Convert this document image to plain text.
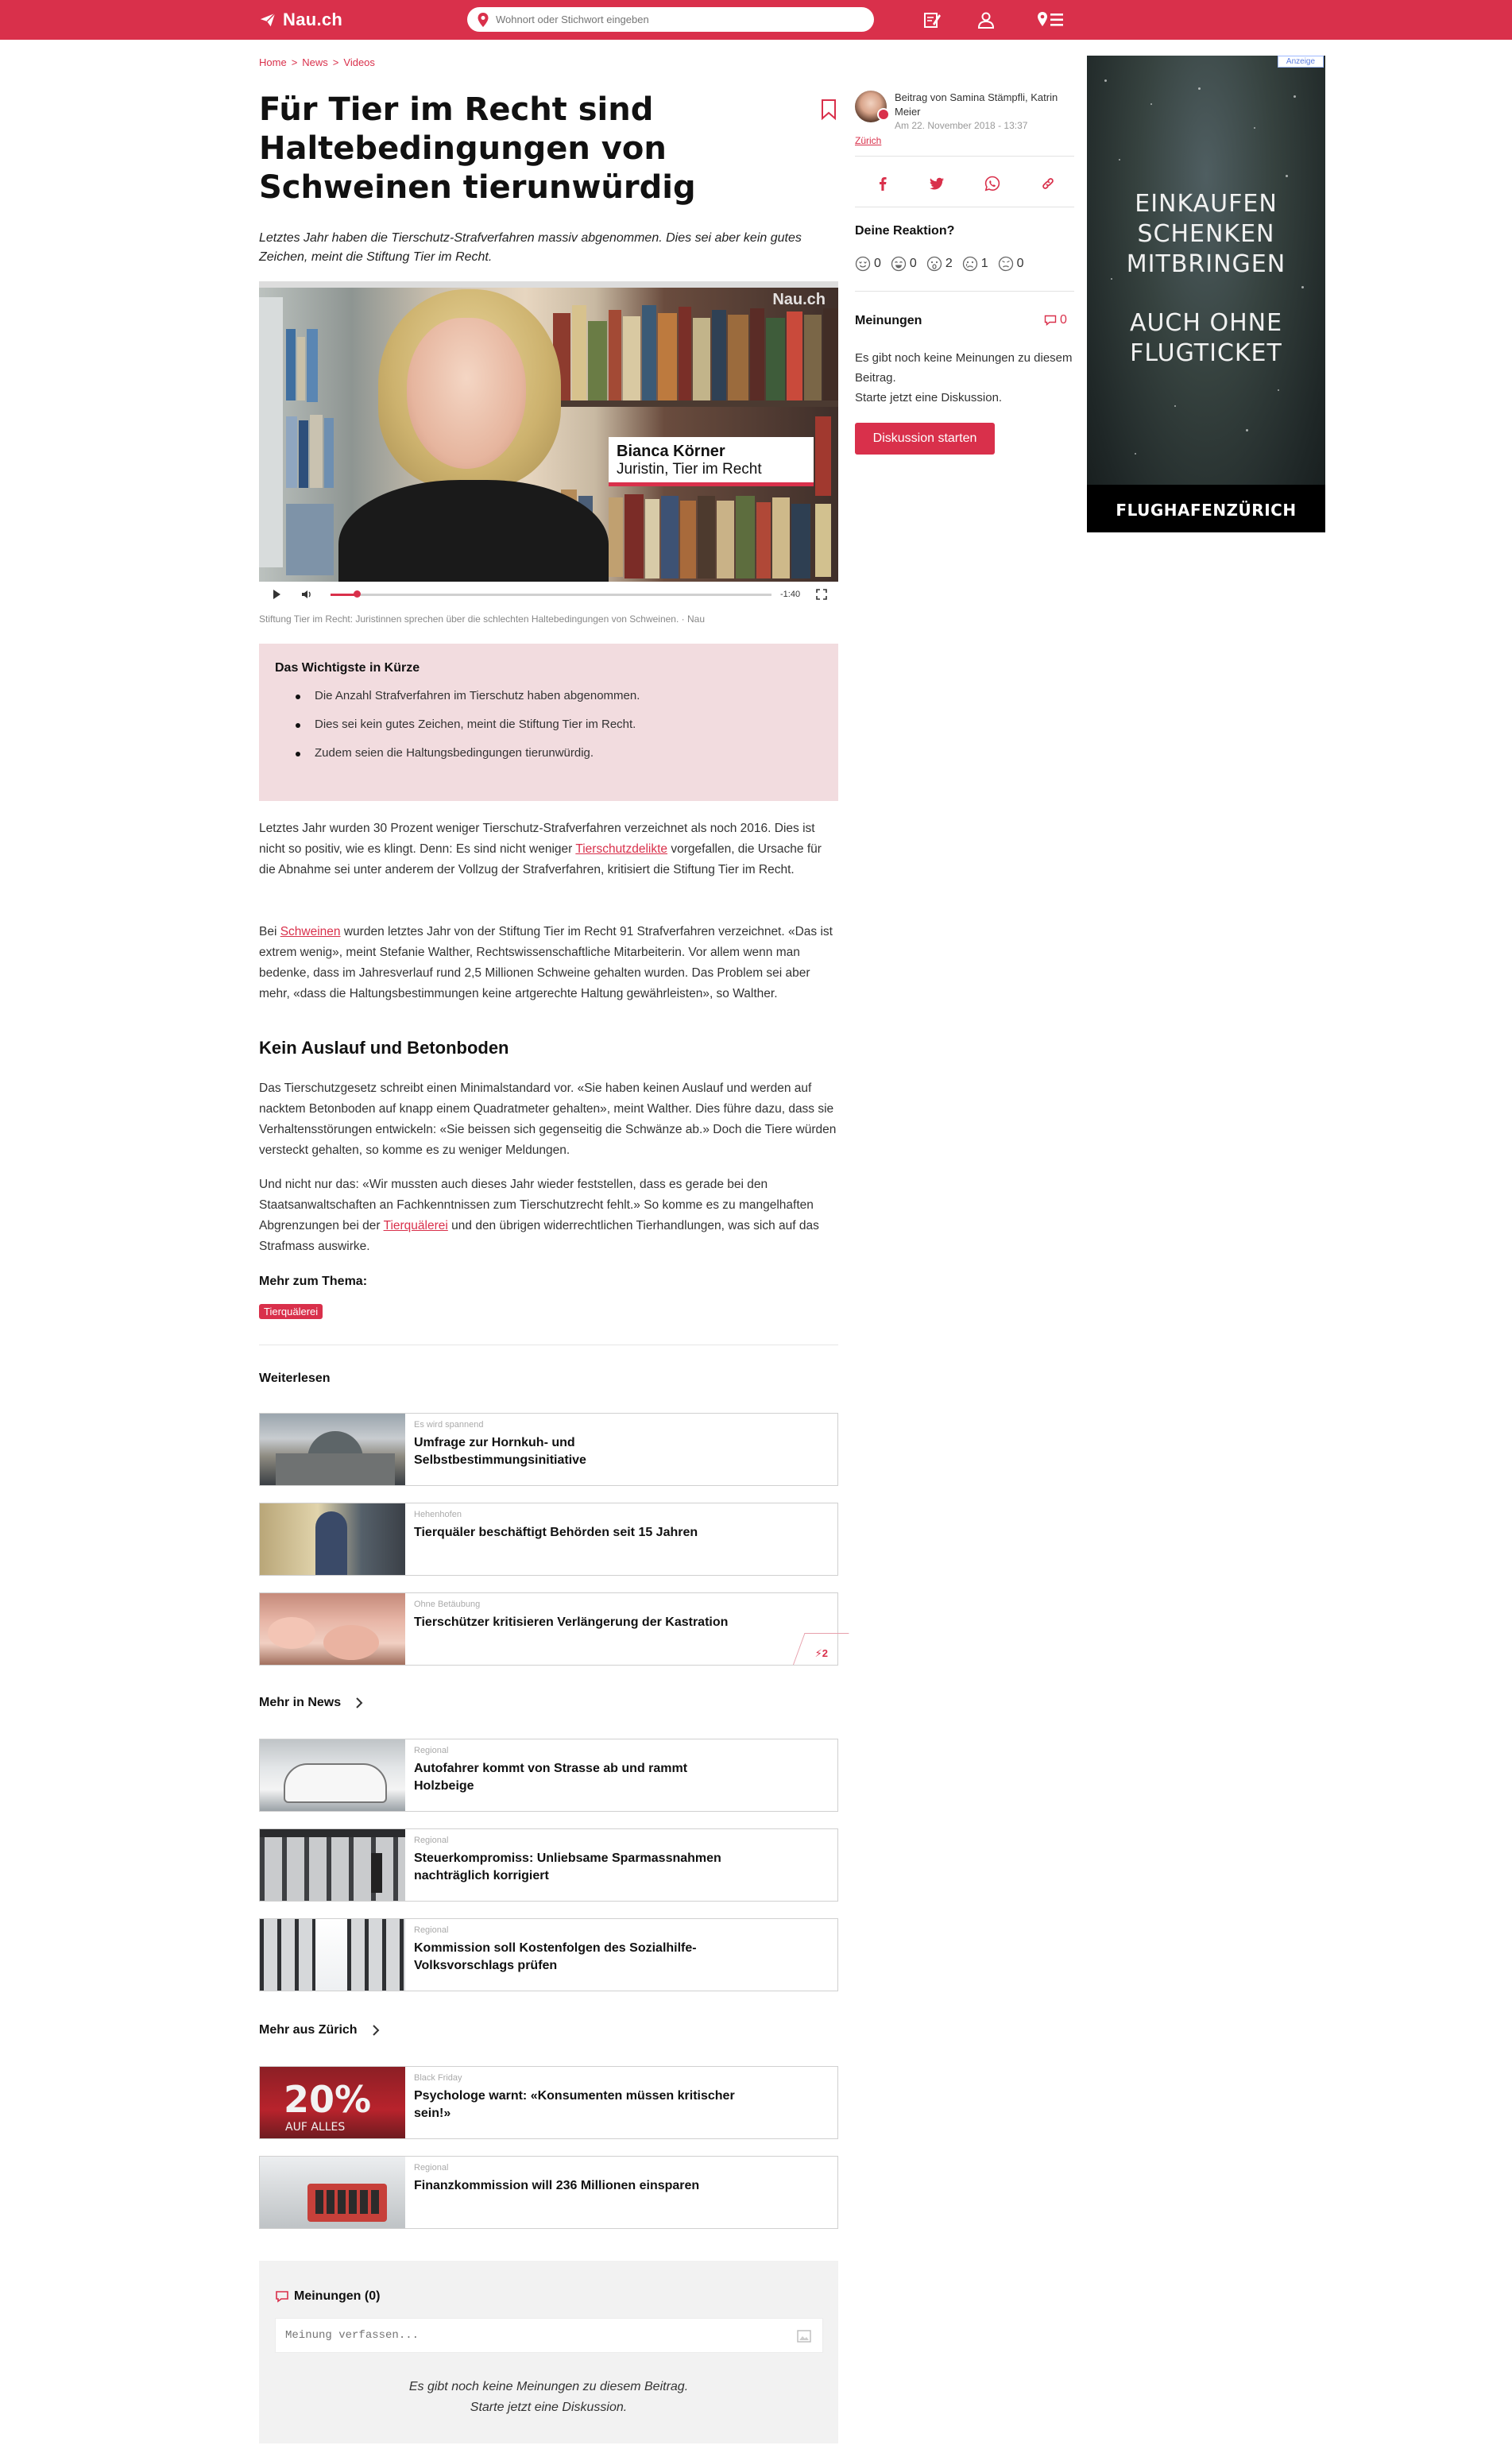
Nau.ch
Wohnort oder Stichwort eingeben
Home > News > Videos
Für Tier im Recht sind Haltebedingungen von Schweinen tierunwürdig

Letztes Jahr haben die Tierschutz-Strafverfahren massiv abgenommen. Dies sei aber kein gutes Zeichen, meint die Stiftung Tier im Recht.

Nau.ch
Bianca Körner
Juristin, Tier im Recht
-1:40

Stiftung Tier im Recht: Juristinnen sprechen über die schlechten Haltebedingungen von Schweinen. · Nau

Das Wichtigste in Kürze
Die Anzahl Strafverfahren im Tierschutz haben abgenommen.
Dies sei kein gutes Zeichen, meint die Stiftung Tier im Recht.
Zudem seien die Haltungsbedingungen tierunwürdig.

Letztes Jahr wurden 30 Prozent weniger Tierschutz-Strafverfahren verzeichnet als noch 2016. Dies ist nicht so positiv, wie es klingt. Denn: Es sind nicht weniger Tierschutzdelikte vorgefallen, die Ursache für die Abnahme sei unter anderem der Vollzug der Strafverfahren, kritisiert die Stiftung Tier im Recht.

Bei Schweinen wurden letztes Jahr von der Stiftung Tier im Recht 91 Strafverfahren verzeichnet. «Das ist extrem wenig», meint Stefanie Walther, Rechtswissenschaftliche Mitarbeiterin. Vor allem wenn man bedenke, dass im Jahresverlauf rund 2,5 Millionen Schweine gehalten wurden. Das Problem sei aber mehr, «dass die Haltungsbestimmungen keine artgerechte Haltung gewährleisten», so Walther.

Kein Auslauf und Betonboden

Das Tierschutzgesetz schreibt einen Minimalstandard vor. «Sie haben keinen Auslauf und werden auf nacktem Betonboden auf knapp einem Quadratmeter gehalten», meint Walther. Dies führe dazu, dass sie Verhaltensstörungen entwickeln: «Sie beissen sich gegenseitig die Schwänze ab.» Doch die Tiere würden versteckt gehalten, so komme es zu weniger Meldungen.

Und nicht nur das: «Wir mussten auch dieses Jahr wieder feststellen, dass es gerade bei den Staatsanwaltschaften an Fachkenntnissen zum Tierschutzrecht fehlt.» So komme es zu mangelhaften Abgrenzungen bei der Tierquälerei und den übrigen widerrechtlichen Tierhandlungen, was sich auf das Strafmass auswirke.

Mehr zum Thema:
Tierquälerei
Weiterlesen
Es wird spannend
Umfrage zur Hornkuh- und Selbstbestimmungsinitiative
Hehenhofen
Tierquäler beschäftigt Behörden seit 15 Jahren
Ohne Betäubung
Tierschützer kritisieren Verlängerung der Kastration
⚡2
Mehr in News
Regional
Autofahrer kommt von Strasse ab und rammt Holzbeige
Regional
Steuerkompromiss: Unliebsame Sparmassnahmen nachträglich korrigiert
Regional
Kommission soll Kostenfolgen des Sozialhilfe-Volksvorschlags prüfen
Mehr aus Zürich
20%
AUF ALLES
Black Friday
Psychologe warnt: «Konsumenten müssen kritischer sein!»
Regional
Finanzkommission will 236 Millionen einsparen
Meinungen (0)
Meinung verfassen...
Es gibt noch keine Meinungen zu diesem Beitrag.
Starte jetzt eine Diskussion.
Beitrag von Samina Stämpfli, Katrin Meier
Am 22. November 2018 - 13:37
Zürich
Deine Reaktion?
0 0 2 1 0
Meinungen	0
Es gibt noch keine Meinungen zu diesem Beitrag.
Starte jetzt eine Diskussion.
Diskussion starten
EINKAUFEN
SCHENKEN
MITBRINGEN
AUCH OHNE
FLUGTICKET
FLUGHAFENZÜRICH
Anzeige
